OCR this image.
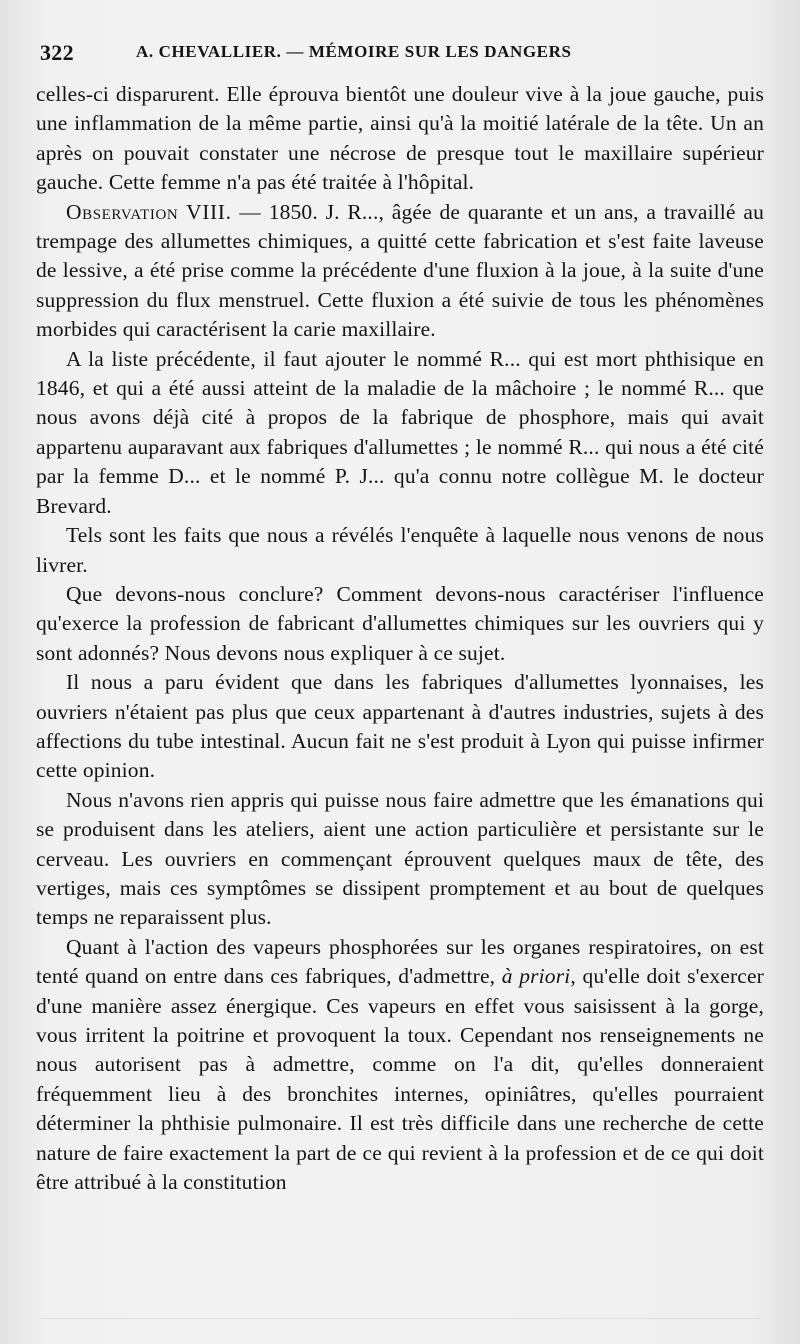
322	A. CHEVALLIER. — MÉMOIRE SUR LES DANGERS

celles-ci disparurent. Elle éprouva bientôt une douleur vive à la joue gauche, puis une inflammation de la même partie, ainsi qu'à la moitié latérale de la tête. Un an après on pouvait constater une nécrose de presque tout le maxillaire supérieur gauche. Cette femme n'a pas été traitée à l'hôpital.

Observation VIII. — 1850. J. R..., âgée de quarante et un ans, a travaillé au trempage des allumettes chimiques, a quitté cette fabrication et s'est faite laveuse de lessive, a été prise comme la précédente d'une fluxion à la joue, à la suite d'une suppression du flux menstruel. Cette fluxion a été suivie de tous les phénomènes morbides qui caractérisent la carie maxillaire.

A la liste précédente, il faut ajouter le nommé R... qui est mort phthisique en 1846, et qui a été aussi atteint de la maladie de la mâchoire ; le nommé R... que nous avons déjà cité à propos de la fabrique de phosphore, mais qui avait appartenu auparavant aux fabriques d'allumettes ; le nommé R... qui nous a été cité par la femme D... et le nommé P. J... qu'a connu notre collègue M. le docteur Brevard.

Tels sont les faits que nous a révélés l'enquête à laquelle nous venons de nous livrer.

Que devons-nous conclure? Comment devons-nous caractériser l'influence qu'exerce la profession de fabricant d'allumettes chimiques sur les ouvriers qui y sont adonnés? Nous devons nous expliquer à ce sujet.

Il nous a paru évident que dans les fabriques d'allumettes lyonnaises, les ouvriers n'étaient pas plus que ceux appartenant à d'autres industries, sujets à des affections du tube intestinal. Aucun fait ne s'est produit à Lyon qui puisse infirmer cette opinion.

Nous n'avons rien appris qui puisse nous faire admettre que les émanations qui se produisent dans les ateliers, aient une action particulière et persistante sur le cerveau. Les ouvriers en commençant éprouvent quelques maux de tête, des vertiges, mais ces symptômes se dissipent promptement et au bout de quelques temps ne reparaissent plus.

Quant à l'action des vapeurs phosphorées sur les organes respiratoires, on est tenté quand on entre dans ces fabriques, d'admettre, à priori, qu'elle doit s'exercer d'une manière assez énergique. Ces vapeurs en effet vous saisissent à la gorge, vous irritent la poitrine et provoquent la toux. Cependant nos renseignements ne nous autorisent pas à admettre, comme on l'a dit, qu'elles donneraient fréquemment lieu à des bronchites internes, opiniâtres, qu'elles pourraient déterminer la phthisie pulmonaire. Il est très difficile dans une recherche de cette nature de faire exactement la part de ce qui revient à la profession et de ce qui doit être attribué à la constitution
